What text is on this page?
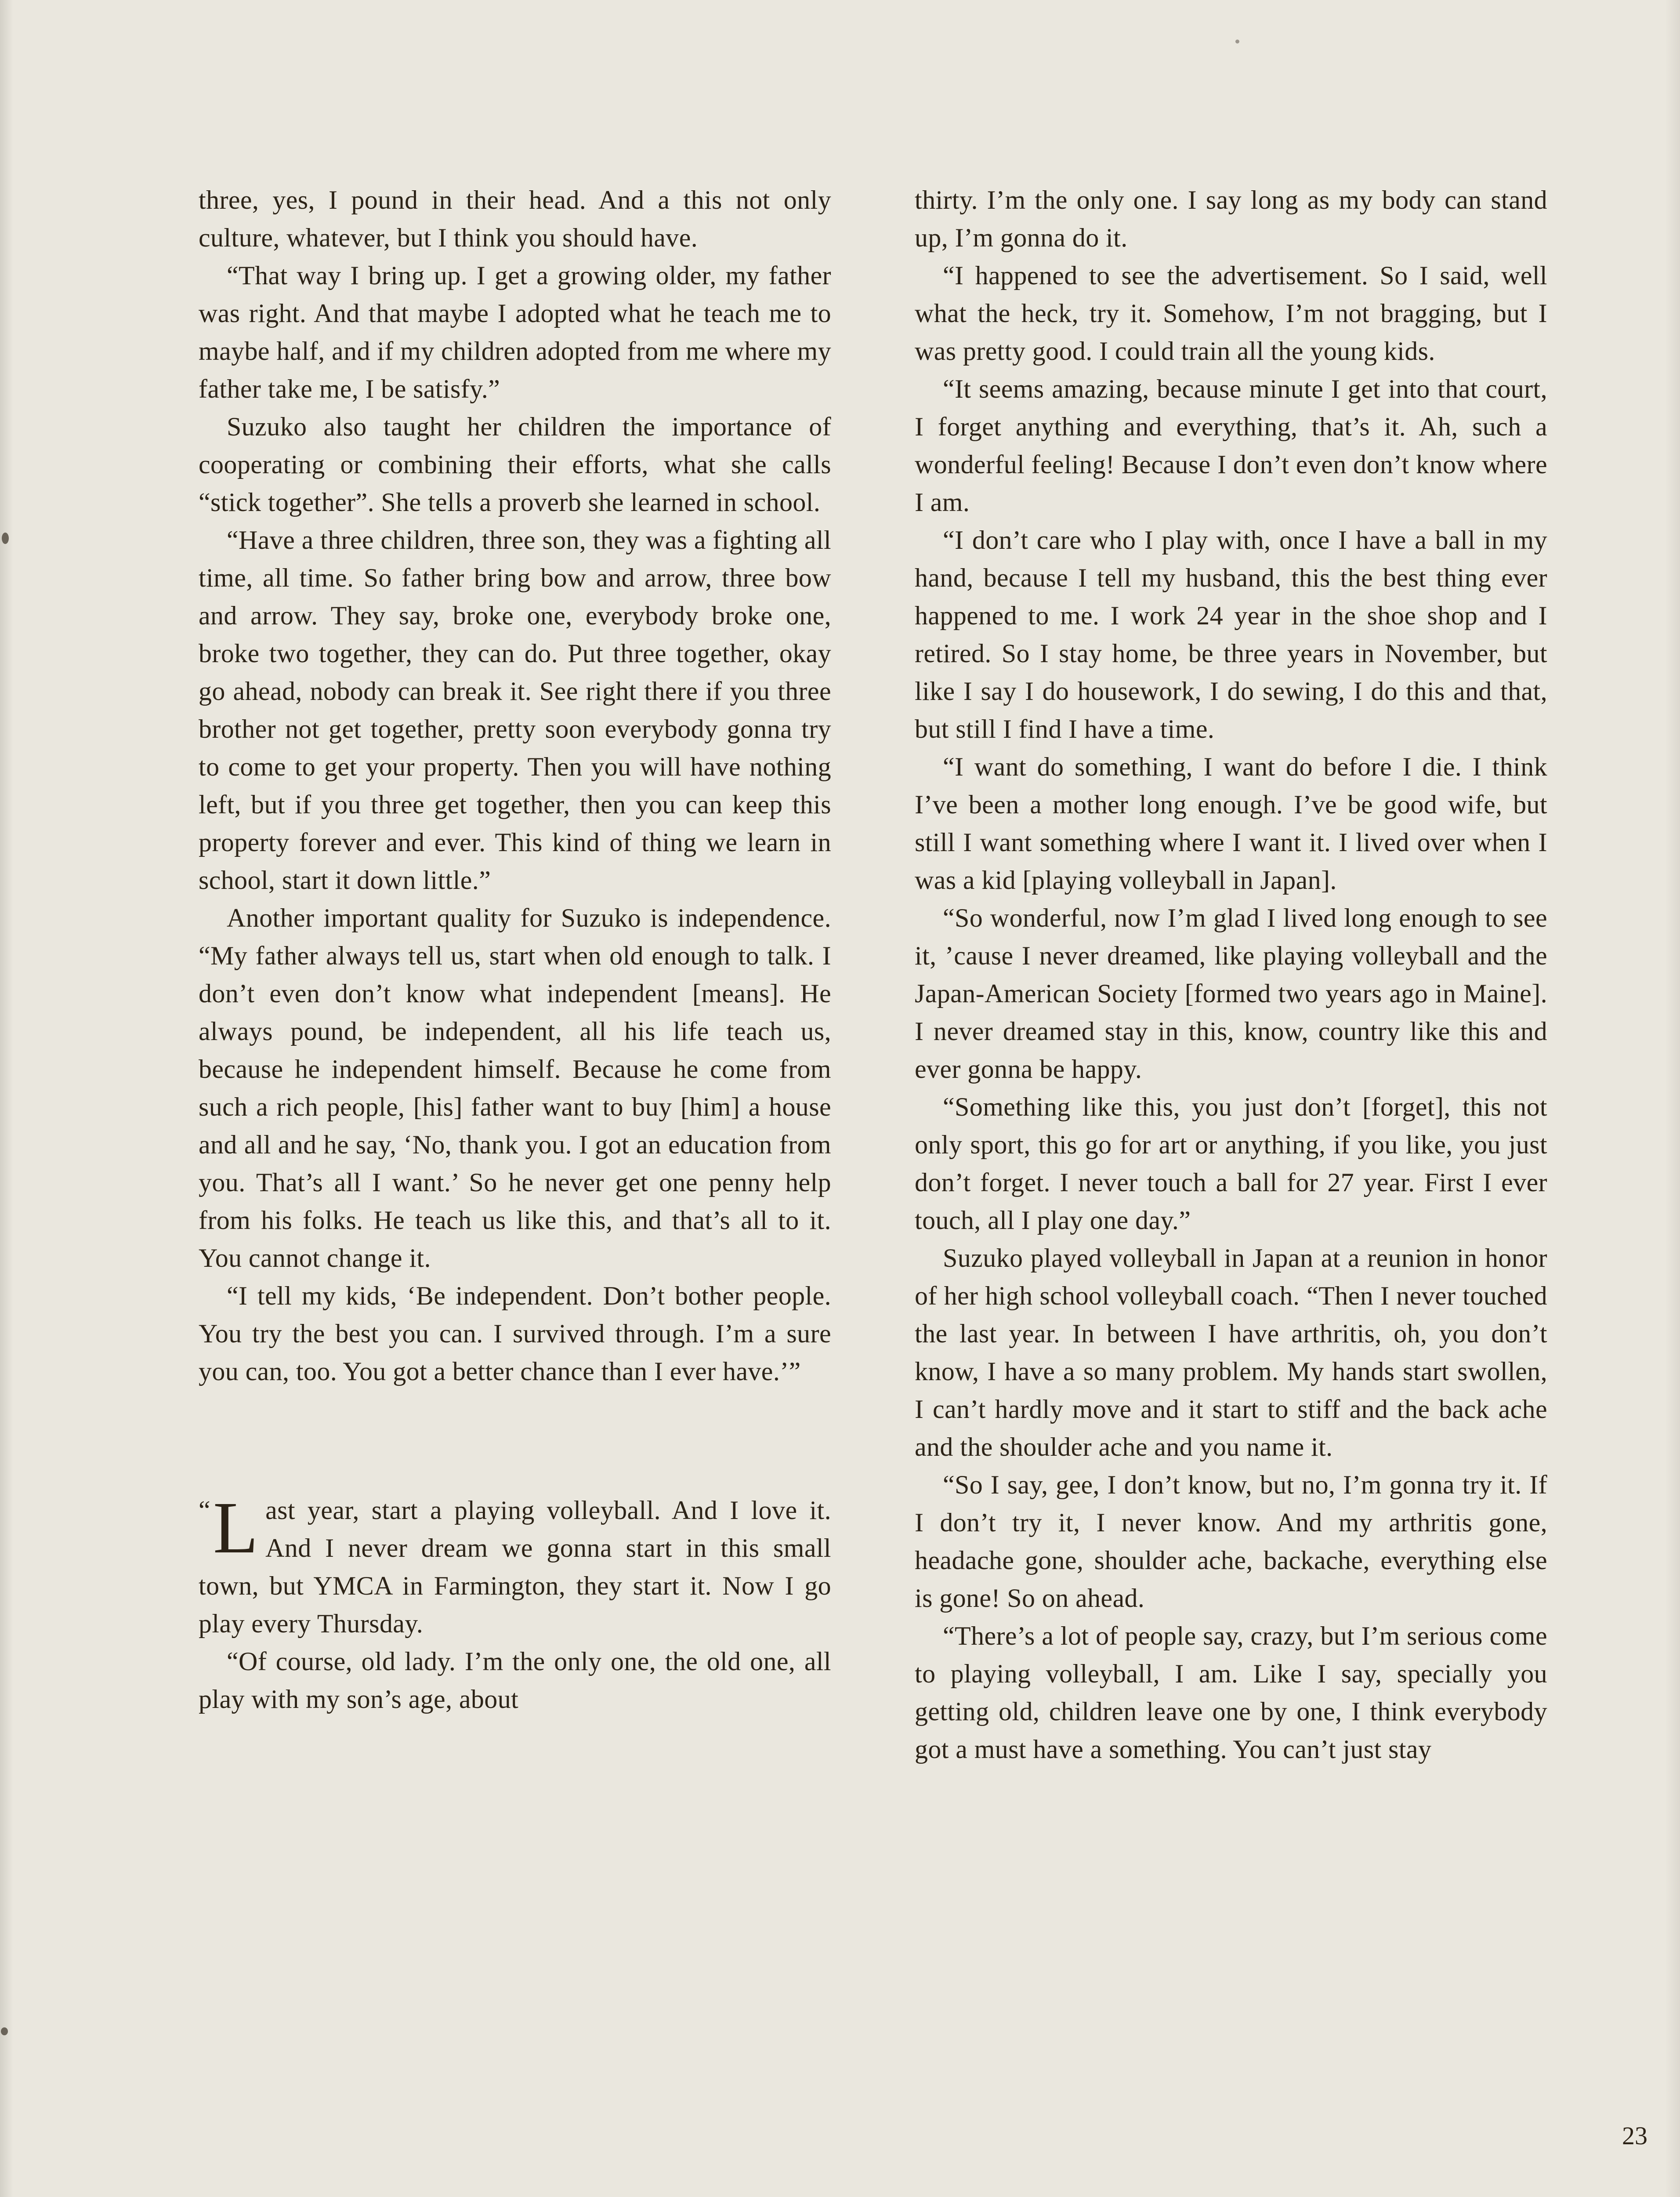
three, yes, I pound in their head. And a this not only culture, whatever, but I think you should have.

“That way I bring up. I get a growing older, my father was right. And that maybe I adopted what he teach me to maybe half, and if my children adopted from me where my father take me, I be satisfy.”

Suzuko also taught her children the importance of cooperating or combining their efforts, what she calls “stick together”. She tells a proverb she learned in school.

“Have a three children, three son, they was a fighting all time, all time. So father bring bow and arrow, three bow and arrow. They say, broke one, everybody broke one, broke two together, they can do. Put three together, okay go ahead, nobody can break it. See right there if you three brother not get together, pretty soon everybody gonna try to come to get your property. Then you will have nothing left, but if you three get together, then you can keep this property forever and ever. This kind of thing we learn in school, start it down little.”

Another important quality for Suzuko is independence. “My father always tell us, start when old enough to talk. I don’t even don’t know what independent [means]. He always pound, be independent, all his life teach us, because he independent himself. Because he come from such a rich people, [his] father want to buy [him] a house and all and he say, ‘No, thank you. I got an education from you. That’s all I want.’ So he never get one penny help from his folks. He teach us like this, and that’s all to it. You cannot change it.

“I tell my kids, ‘Be independent. Don’t bother people. You try the best you can. I survived through. I’m a sure you can, too. You got a better chance than I ever have.’”

“ L ast year, start a playing volleyball. And I love it. And I never dream we gonna start in this small town, but YMCA in Farmington, they start it. Now I go play every Thursday.

“Of course, old lady. I’m the only one, the old one, all play with my son’s age, about

thirty. I’m the only one. I say long as my body can stand up, I’m gonna do it.

“I happened to see the advertisement. So I said, well what the heck, try it. Somehow, I’m not bragging, but I was pretty good. I could train all the young kids.

“It seems amazing, because minute I get into that court, I forget anything and everything, that’s it. Ah, such a wonderful feeling! Because I don’t even don’t know where I am.

“I don’t care who I play with, once I have a ball in my hand, because I tell my husband, this the best thing ever happened to me. I work 24 year in the shoe shop and I retired. So I stay home, be three years in November, but like I say I do housework, I do sewing, I do this and that, but still I find I have a time.

“I want do something, I want do before I die. I think I’ve been a mother long enough. I’ve be good wife, but still I want something where I want it. I lived over when I was a kid [playing volleyball in Japan].

“So wonderful, now I’m glad I lived long enough to see it, ’cause I never dreamed, like playing volleyball and the Japan-American Society [formed two years ago in Maine]. I never dreamed stay in this, know, country like this and ever gonna be happy.

“Something like this, you just don’t [forget], this not only sport, this go for art or anything, if you like, you just don’t forget. I never touch a ball for 27 year. First I ever touch, all I play one day.”

Suzuko played volleyball in Japan at a reunion in honor of her high school volleyball coach. “Then I never touched the last year. In between I have arthritis, oh, you don’t know, I have a so many problem. My hands start swollen, I can’t hardly move and it start to stiff and the back ache and the shoulder ache and you name it.

“So I say, gee, I don’t know, but no, I’m gonna try it. If I don’t try it, I never know. And my arthritis gone, headache gone, shoulder ache, backache, everything else is gone! So on ahead.

“There’s a lot of people say, crazy, but I’m serious come to playing volleyball, I am. Like I say, specially you getting old, children leave one by one, I think everybody got a must have a something. You can’t just stay

23
